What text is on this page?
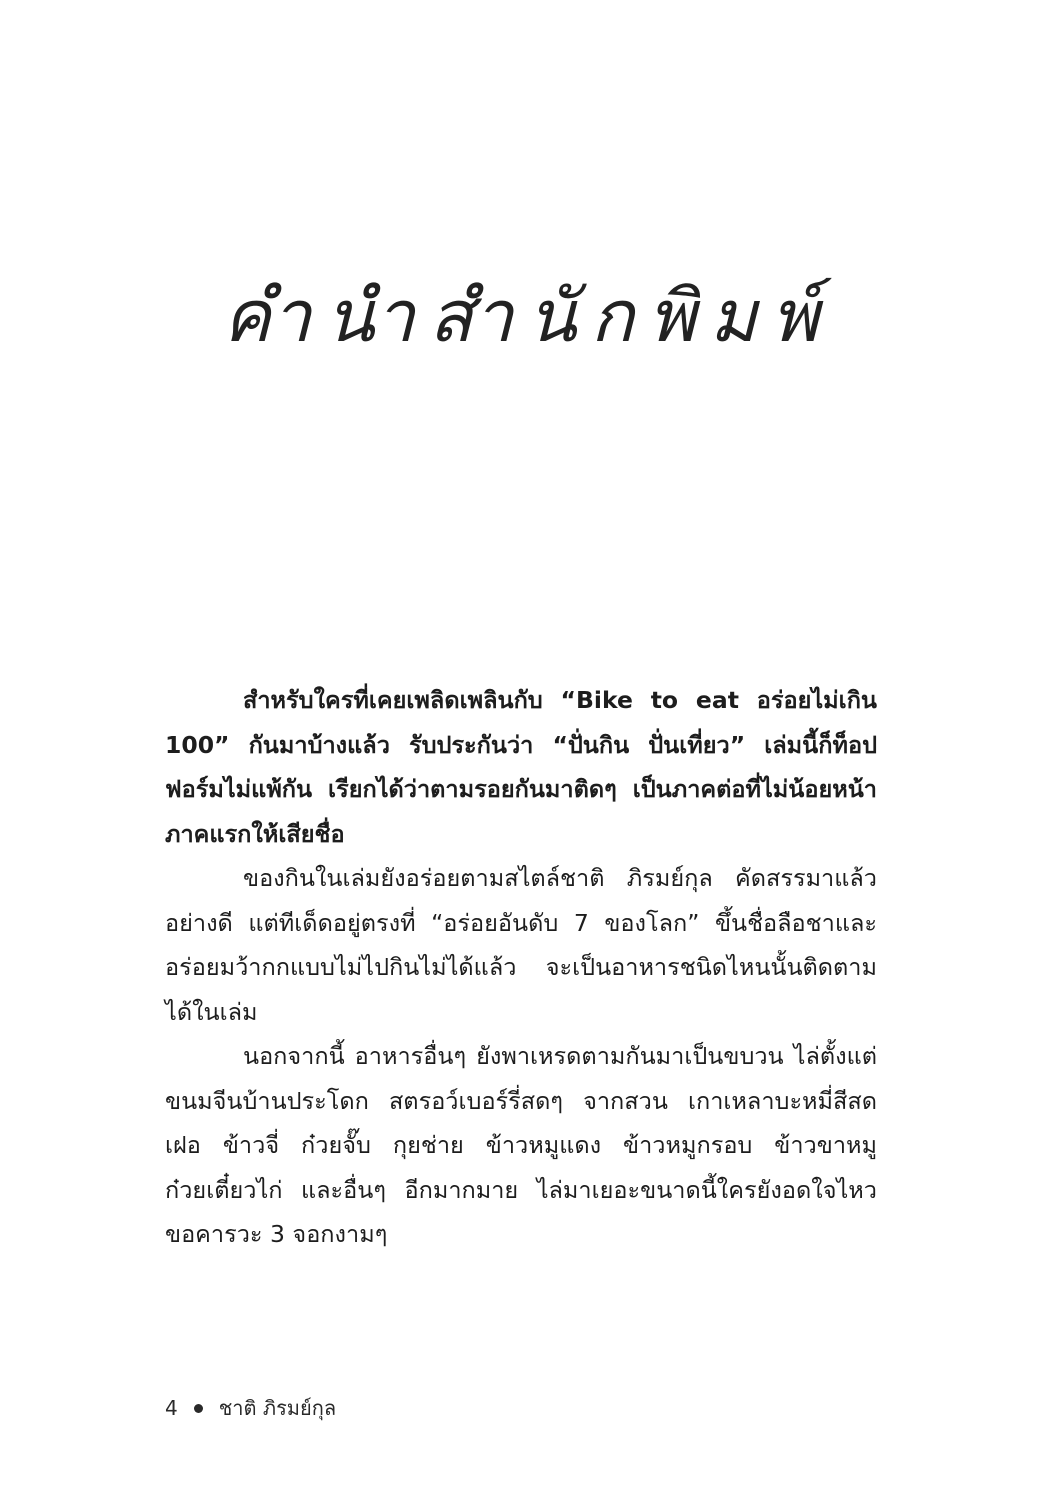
คำนำสำนักพิมพ์

สำหรับใครที่เคยเพลิดเพลินกับ “Bike to eat อร่อยไม่เกิน 100” กันมาบ้างแล้ว รับประกันว่า “ปั่นกิน ปั่นเที่ยว” เล่มนี้ก็ท็อปฟอร์มไม่แพ้กัน เรียกได้ว่าตามรอยกันมาติดๆ เป็นภาคต่อที่ไม่น้อยหน้าภาคแรกให้เสียชื่อ

ของกินในเล่มยังอร่อยตามสไตล์ชาติ ภิรมย์กุล คัดสรรมาแล้วอย่างดี แต่ทีเด็ดอยู่ตรงที่ “อร่อยอันดับ 7 ของโลก” ขึ้นชื่อลือชาและอร่อยมว้ากกแบบไม่ไปกินไม่ได้แล้ว จะเป็นอาหารชนิดไหนนั้นติดตามได้ในเล่ม

นอกจากนี้ อาหารอื่นๆ ยังพาเหรดตามกันมาเป็นขบวน ไล่ตั้งแต่ ขนมจีนบ้านประโดก สตรอว์เบอร์รี่สดๆ จากสวน เกาเหลาบะหมี่สีสด เฝอ ข้าวจี่ ก๋วยจั๊บ กุยช่าย ข้าวหมูแดง ข้าวหมูกรอบ ข้าวขาหมู ก๋วยเตี๋ยวไก่ และอื่นๆ อีกมากมาย ไล่มาเยอะขนาดนี้ใครยังอดใจไหว ขอคารวะ 3 จอกงามๆ

4 ชาติ ภิรมย์กุล
